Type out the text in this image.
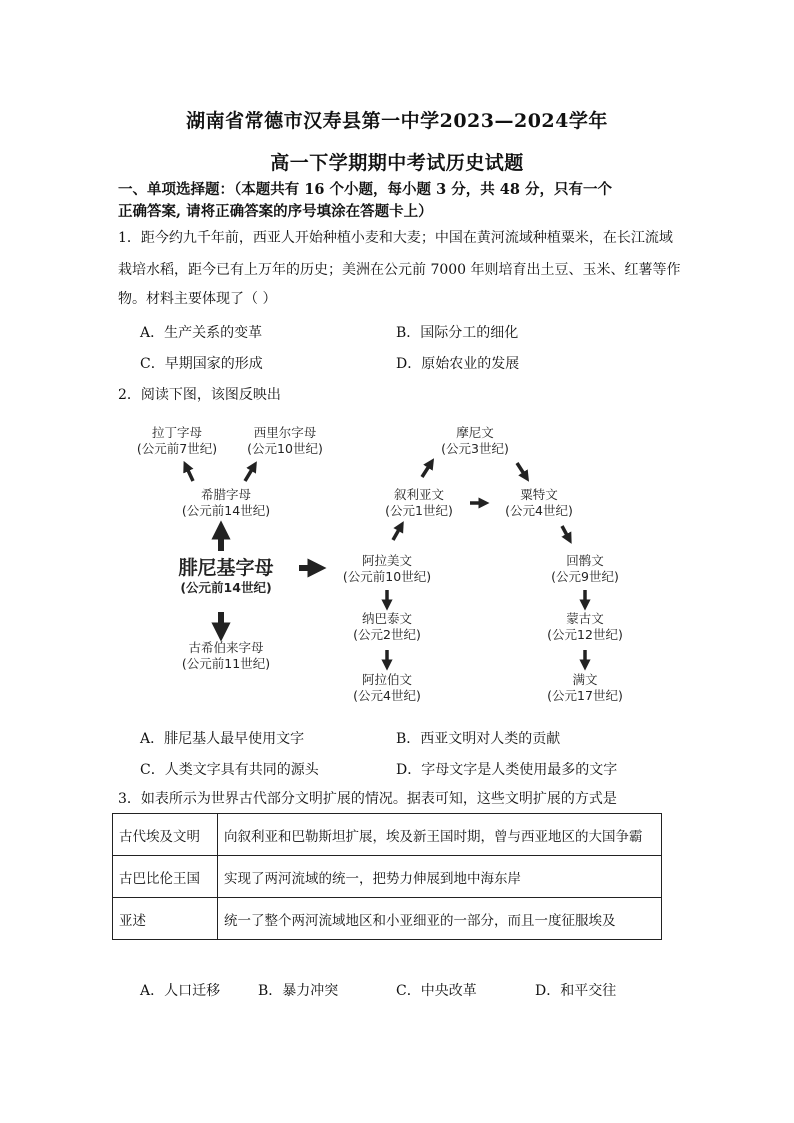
湖南省常德市汉寿县第一中学2023—2024学年
高一下学期期中考试历史试题
一、单项选择题：（本题共有 16 个小题，每小题 3 分，共 48 分，只有一个
正确答案, 请将正确答案的序号填涂在答题卡上）
1．距今约九千年前，西亚人开始种植小麦和大麦；中国在黄河流域种植粟米，在长江流域
栽培水稻，距今已有上万年的历史；美洲在公元前 7000 年则培育出土豆、玉米、红薯等作
物。材料主要体现了（ ）
A．生产关系的变革	B．国际分工的细化
C．早期国家的形成	D．原始农业的发展
2．阅读下图，该图反映出
拉丁字母
(公元前7世纪)
西里尔字母
(公元10世纪)
希腊字母
(公元前14世纪)
腓尼基字母
(公元前14世纪)
古希伯来字母
(公元前11世纪)
摩尼文
(公元3世纪)
叙利亚文
(公元1世纪)
粟特文
(公元4世纪)
阿拉美文
(公元前10世纪)
回鹘文
(公元9世纪)
纳巴泰文
(公元2世纪)
蒙古文
(公元12世纪)
阿拉伯文
(公元4世纪)
满文
(公元17世纪)
A．腓尼基人最早使用文字	B．西亚文明对人类的贡献
C．人类文字具有共同的源头	D．字母文字是人类使用最多的文字
3．如表所示为世界古代部分文明扩展的情况。据表可知，这些文明扩展的方式是
古代埃及文明	向叙利亚和巴勒斯坦扩展，埃及新王国时期，曾与西亚地区的大国争霸
古巴比伦王国	实现了两河流域的统一，把势力伸展到地中海东岸
亚述	统一了整个两河流域地区和小亚细亚的一部分，而且一度征服埃及
A．人口迁移	B．暴力冲突	C．中央改革	D．和平交往
